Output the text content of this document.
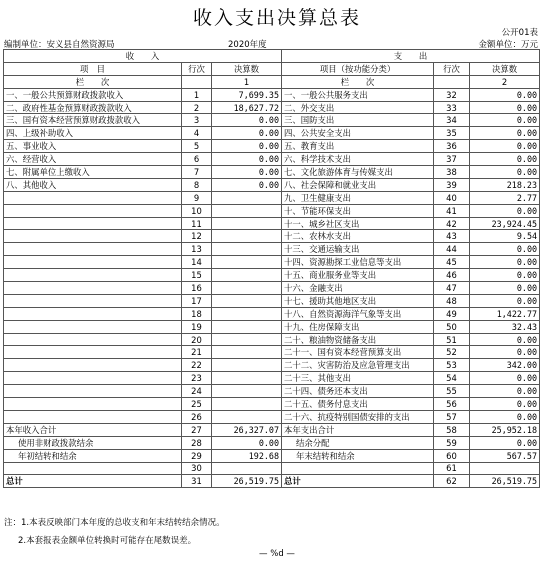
收入支出决算总表
公开01表
编制单位：安义县自然资源局	2020年度	金额单位：万元
收　　入			支　　出		
项　目	行次	决算数	项目（按功能分类）	行次	决算数
栏　　次		1	栏　　次		2
一、一般公共预算财政拨款收入	1	7,699.35	一、一般公共服务支出	32	0.00
二、政府性基金预算财政拨款收入	2	18,627.72	二、外交支出	33	0.00
三、国有资本经营预算财政拨款收入	3	0.00	三、国防支出	34	0.00
四、上级补助收入	4	0.00	四、公共安全支出	35	0.00
五、事业收入	5	0.00	五、教育支出	36	0.00
六、经营收入	6	0.00	六、科学技术支出	37	0.00
七、附属单位上缴收入	7	0.00	七、文化旅游体育与传媒支出	38	0.00
八、其他收入	8	0.00	八、社会保障和就业支出	39	218.23
	9		九、卫生健康支出	40	2.77
	10		十、节能环保支出	41	0.00
	11		十一、城乡社区支出	42	23,924.45
	12		十二、农林水支出	43	9.54
	13		十三、交通运输支出	44	0.00
	14		十四、资源勘探工业信息等支出	45	0.00
	15		十五、商业服务业等支出	46	0.00
	16		十六、金融支出	47	0.00
	17		十七、援助其他地区支出	48	0.00
	18		十八、自然资源海洋气象等支出	49	1,422.77
	19		十九、住房保障支出	50	32.43
	20		二十、粮油物资储备支出	51	0.00
	21		二十一、国有资本经营预算支出	52	0.00
	22		二十二、灾害防治及应急管理支出	53	342.00
	23		二十三、其他支出	54	0.00
	24		二十四、债务还本支出	55	0.00
	25		二十五、债务付息支出	56	0.00
	26		二十六、抗疫特别国债安排的支出	57	0.00
本年收入合计	27	26,327.07	本年支出合计	58	25,952.18
使用非财政拨款结余	28	0.00	结余分配	59	0.00
年初结转和结余	29	192.68	年末结转和结余	60	567.57
	30			61	
总计	31	26,519.75	总计	62	26,519.75
注：1.本表反映部门本年度的总收支和年末结转结余情况。
2.本套报表金额单位转换时可能存在尾数误差。
— %d —
